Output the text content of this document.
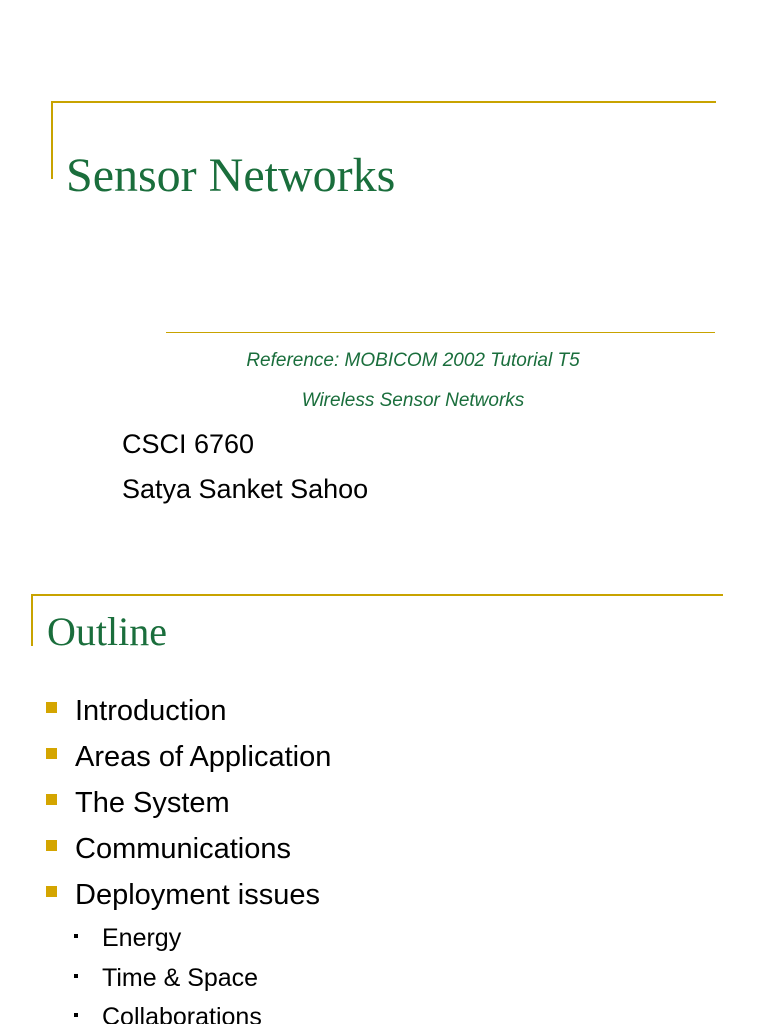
Sensor Networks
Reference: MOBICOM 2002 Tutorial T5
Wireless Sensor Networks
CSCI 6760
Satya Sanket Sahoo
Outline
Introduction
Areas of Application
The System
Communications
Deployment issues
Energy
Time & Space
Collaborations
